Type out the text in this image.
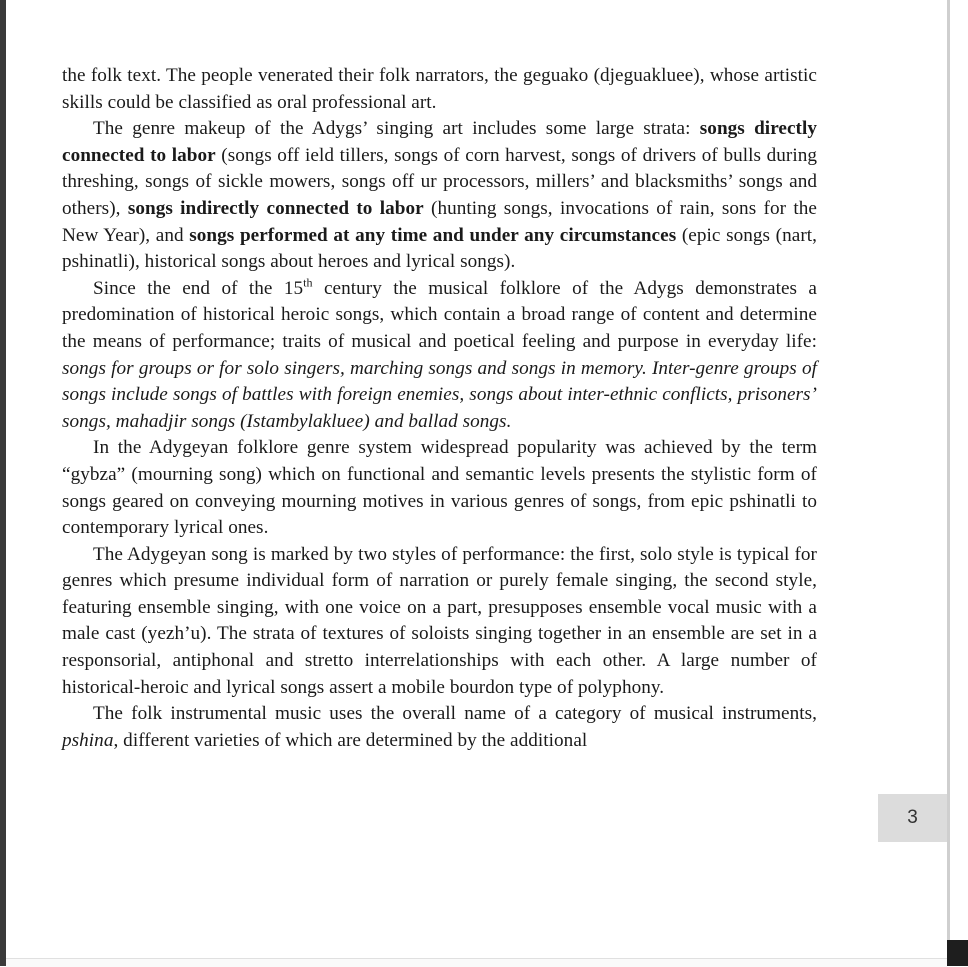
the folk text. The people venerated their folk narrators, the geguako (djeguakluee), whose artistic skills could be classified as oral professional art.

The genre makeup of the Adygs’ singing art includes some large strata: songs directly connected to labor (songs off ield tillers, songs of corn harvest, songs of drivers of bulls during threshing, songs of sickle mowers, songs off ur processors, millers’ and blacksmiths’ songs and others), songs indirectly connected to labor (hunting songs, invocations of rain, sons for the New Year), and songs performed at any time and under any circumstances (epic songs (nart, pshinatli), historical songs about heroes and lyrical songs).

Since the end of the 15th century the musical folklore of the Adygs demonstrates a predomination of historical heroic songs, which contain a broad range of content and determine the means of performance; traits of musical and poetical feeling and purpose in everyday life: songs for groups or for solo singers, marching songs and songs in memory. Inter-genre groups of songs include songs of battles with foreign enemies, songs about inter-ethnic conflicts, prisoners’ songs, mahadjir songs (Istambylakluee) and ballad songs.

In the Adygeyan folklore genre system widespread popularity was achieved by the term “gybza” (mourning song) which on functional and semantic levels presents the stylistic form of songs geared on conveying mourning motives in various genres of songs, from epic pshinatli to contemporary lyrical ones.

The Adygeyan song is marked by two styles of performance: the first, solo style is typical for genres which presume individual form of narration or purely female singing, the second style, featuring ensemble singing, with one voice on a part, presupposes ensemble vocal music with a male cast (yezh’u). The strata of textures of soloists singing together in an ensemble are set in a responsorial, antiphonal and stretto interrelationships with each other. A large number of historical-heroic and lyrical songs assert a mobile bourdon type of polyphony.

The folk instrumental music uses the overall name of a category of musical instruments, pshina, different varieties of which are determined by the additional

3
